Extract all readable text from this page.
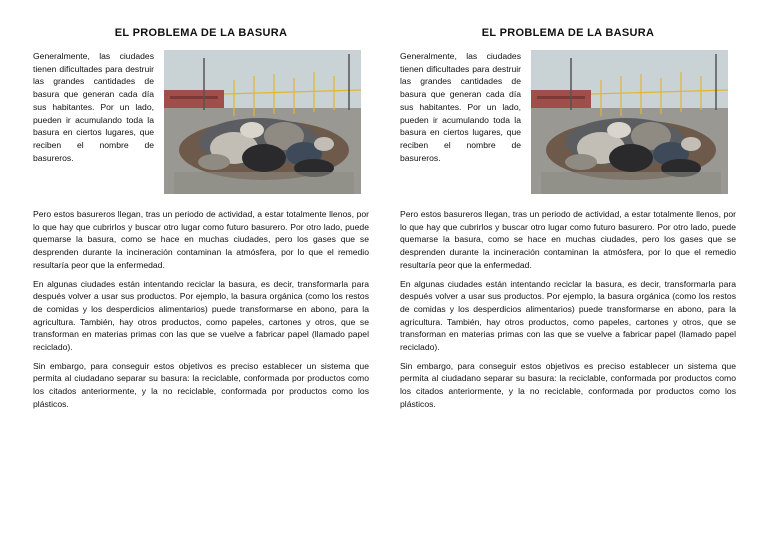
EL PROBLEMA DE LA BASURA

Generalmente, las ciudades tienen dificultades para destruir las grandes cantidades de basura que generan cada día sus habitantes. Por un lado, pueden ir acumulando toda la basura en ciertos lugares, que reciben el nombre de basureros.

Pero estos basureros llegan, tras un periodo de actividad, a estar totalmente llenos, por lo que hay que cubrirlos y buscar otro lugar como futuro basurero. Por otro lado, puede quemarse la basura, como se hace en muchas ciudades, pero los gases que se desprenden durante la incineración contaminan la atmósfera, por lo que el remedio resultaría peor que la enfermedad.

En algunas ciudades están intentando reciclar la basura, es decir, transformarla para después volver a usar sus productos. Por ejemplo, la basura orgánica (como los restos de comidas y los desperdicios alimentarios) puede transformarse en abono, para la agricultura. También, hay otros productos, como papeles, cartones y otros, que se transforman en materias primas con las que se vuelve a fabricar papel (llamado papel reciclado).

Sin embargo, para conseguir estos objetivos es preciso establecer un sistema que permita al ciudadano separar su basura: la reciclable, conformada por productos como los citados anteriormente, y la no reciclable, conformada por productos como los plásticos.

EL PROBLEMA DE LA BASURA

Generalmente, las ciudades tienen dificultades para destruir las grandes cantidades de basura que generan cada día sus habitantes. Por un lado, pueden ir acumulando toda la basura en ciertos lugares, que reciben el nombre de basureros.

Pero estos basureros llegan, tras un periodo de actividad, a estar totalmente llenos, por lo que hay que cubrirlos y buscar otro lugar como futuro basurero. Por otro lado, puede quemarse la basura, como se hace en muchas ciudades, pero los gases que se desprenden durante la incineración contaminan la atmósfera, por lo que el remedio resultaría peor que la enfermedad.

En algunas ciudades están intentando reciclar la basura, es decir, transformarla para después volver a usar sus productos. Por ejemplo, la basura orgánica (como los restos de comidas y los desperdicios alimentarios) puede transformarse en abono, para la agricultura. También, hay otros productos, como papeles, cartones y otros, que se transforman en materias primas con las que se vuelve a fabricar papel (llamado papel reciclado).

Sin embargo, para conseguir estos objetivos es preciso establecer un sistema que permita al ciudadano separar su basura: la reciclable, conformada por productos como los citados anteriormente, y la no reciclable, conformada por productos como los plásticos.
